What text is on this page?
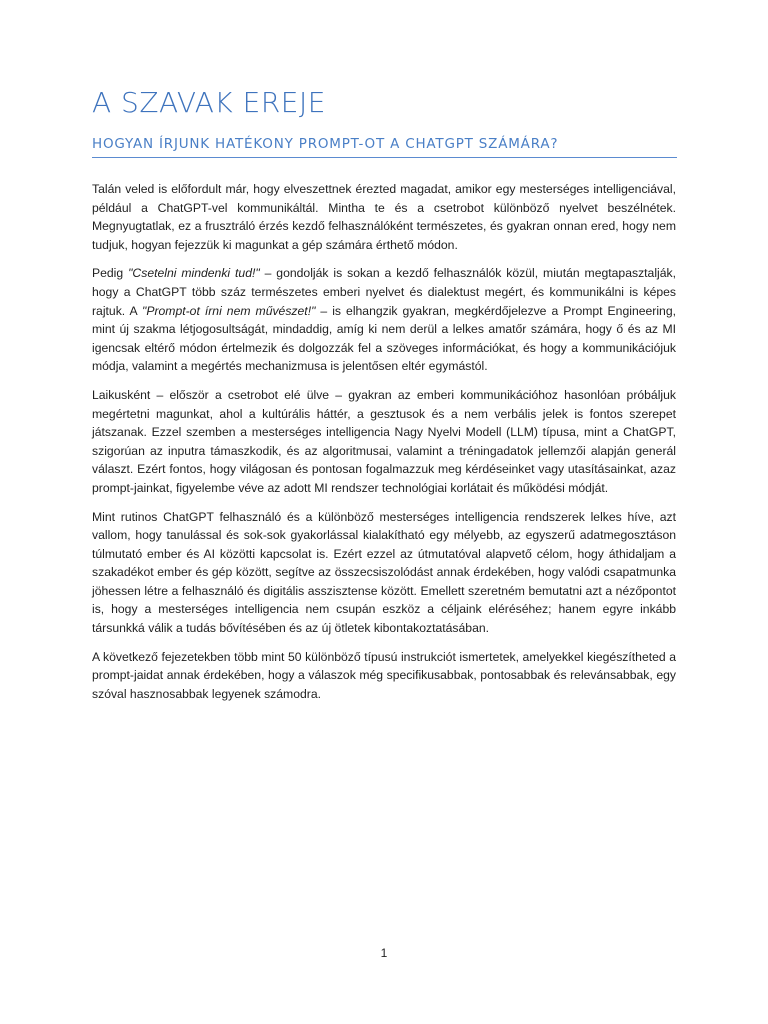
A SZAVAK EREJE
HOGYAN ÍRJUNK HATÉKONY PROMPT-OT A CHATGPT SZÁMÁRA?

Talán veled is előfordult már, hogy elveszettnek érezted magadat, amikor egy mesterséges intelligenciával, például a ChatGPT-vel kommunikáltál. Mintha te és a csetrobot különböző nyelvet beszélnétek. Megnyugtatlak, ez a frusztráló érzés kezdő felhasználóként természetes, és gyakran onnan ered, hogy nem tudjuk, hogyan fejezzük ki magunkat a gép számára érthető módon.

Pedig "Csetelni mindenki tud!" – gondolják is sokan a kezdő felhasználók közül, miután megtapasztalják, hogy a ChatGPT több száz természetes emberi nyelvet és dialektust megért, és kommunikálni is képes rajtuk. A "Prompt-ot írni nem művészet!" – is elhangzik gyakran, megkérdőjelezve a Prompt Engineering, mint új szakma létjogosultságát, mindaddig, amíg ki nem derül a lelkes amatőr számára, hogy ő és az MI igencsak eltérő módon értelmezik és dolgozzák fel a szöveges információkat, és hogy a kommunikációjuk módja, valamint a megértés mechanizmusa is jelentősen eltér egymástól.

Laikusként – először a csetrobot elé ülve – gyakran az emberi kommunikációhoz hasonlóan próbáljuk megértetni magunkat, ahol a kultúrális háttér, a gesztusok és a nem verbális jelek is fontos szerepet játszanak. Ezzel szemben a mesterséges intelligencia Nagy Nyelvi Modell (LLM) típusa, mint a ChatGPT, szigorúan az inputra támaszkodik, és az algoritmusai, valamint a tréningadatok jellemzői alapján generál választ. Ezért fontos, hogy világosan és pontosan fogalmazzuk meg kérdéseinket vagy utasításainkat, azaz prompt-jainkat, figyelembe véve az adott MI rendszer technológiai korlátait és működési módját.

Mint rutinos ChatGPT felhasználó és a különböző mesterséges intelligencia rendszerek lelkes híve, azt vallom, hogy tanulással és sok-sok gyakorlással kialakítható egy mélyebb, az egyszerű adatmegosztáson túlmutató ember és AI közötti kapcsolat is. Ezért ezzel az útmutatóval alapvető célom, hogy áthidaljam a szakadékot ember és gép között, segítve az összecsiszolódást annak érdekében, hogy valódi csapatmunka jöhessen létre a felhasználó és digitális asszisztense között. Emellett szeretném bemutatni azt a nézőpontot is, hogy a mesterséges intelligencia nem csupán eszköz a céljaink eléréséhez; hanem egyre inkább társunkká válik a tudás bővítésében és az új ötletek kibontakoztatásában.

A következő fejezetekben több mint 50 különböző típusú instrukciót ismertetek, amelyekkel kiegészítheted a prompt-jaidat annak érdekében, hogy a válaszok még specifikusabbak, pontosabbak és relevánsabbak, egy szóval hasznosabbak legyenek számodra.

1
